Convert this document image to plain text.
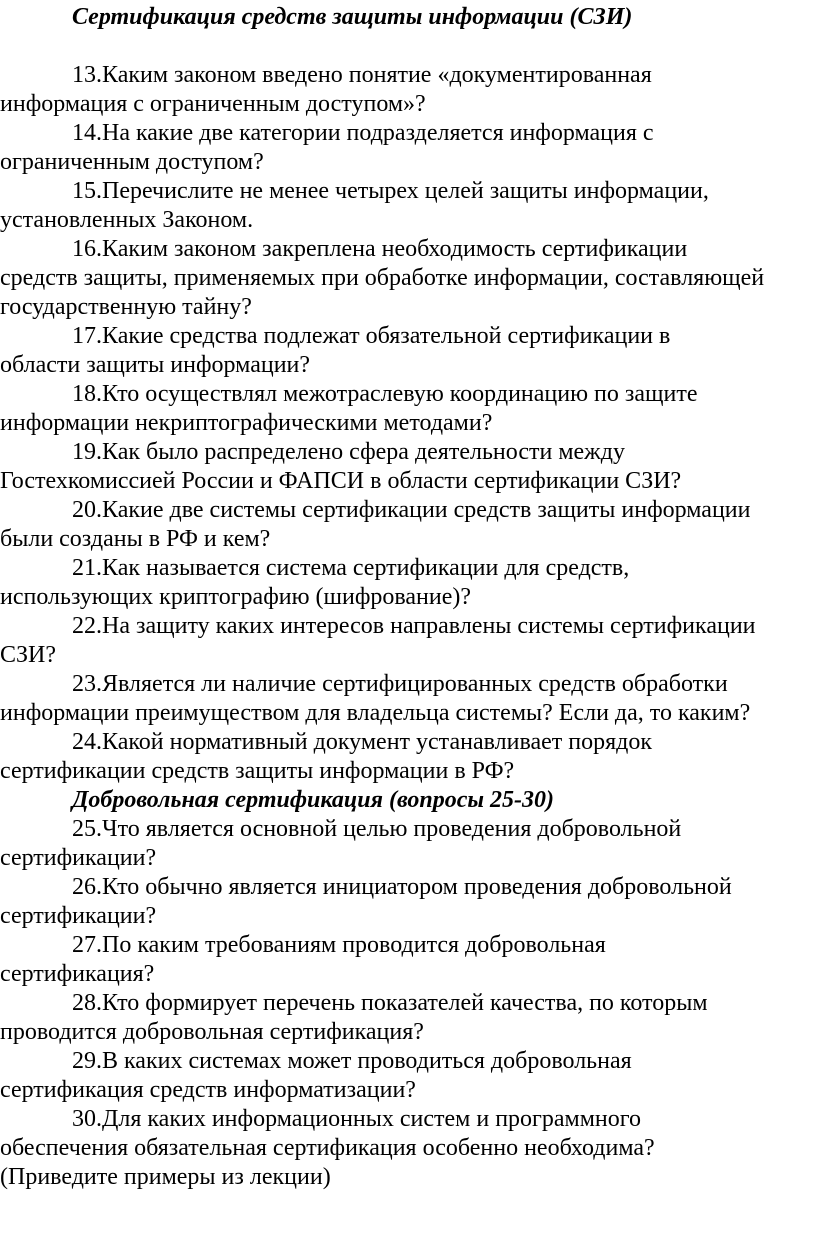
Сертификация средств защиты информации (СЗИ)

13.Каким законом введено понятие «документированная
информация с ограниченным доступом»?
14.На какие две категории подразделяется информация с
ограниченным доступом?
15.Перечислите не менее четырех целей защиты информации,
установленных Законом.
16.Каким законом закреплена необходимость сертификации
средств защиты, применяемых при обработке информации, составляющей
государственную тайну?
17.Какие средства подлежат обязательной сертификации в
области защиты информации?
18.Кто осуществлял межотраслевую координацию по защите
информации некриптографическими методами?
19.Как было распределено сфера деятельности между
Гостехкомиссией России и ФАПСИ в области сертификации СЗИ?
20.Какие две системы сертификации средств защиты информации
были созданы в РФ и кем?
21.Как называется система сертификации для средств,
использующих криптографию (шифрование)?
22.На защиту каких интересов направлены системы сертификации
СЗИ?
23.Является ли наличие сертифицированных средств обработки
информации преимуществом для владельца системы? Если да, то каким?
24.Какой нормативный документ устанавливает порядок
сертификации средств защиты информации в РФ?

Добровольная сертификация (вопросы 25-30)

25.Что является основной целью проведения добровольной
сертификации?
26.Кто обычно является инициатором проведения добровольной
сертификации?
27.По каким требованиям проводится добровольная
сертификация?
28.Кто формирует перечень показателей качества, по которым
проводится добровольная сертификация?
29.В каких системах может проводиться добровольная
сертификация средств информатизации?
30.Для каких информационных систем и программного
обеспечения обязательная сертификация особенно необходима?
(Приведите примеры из лекции)
